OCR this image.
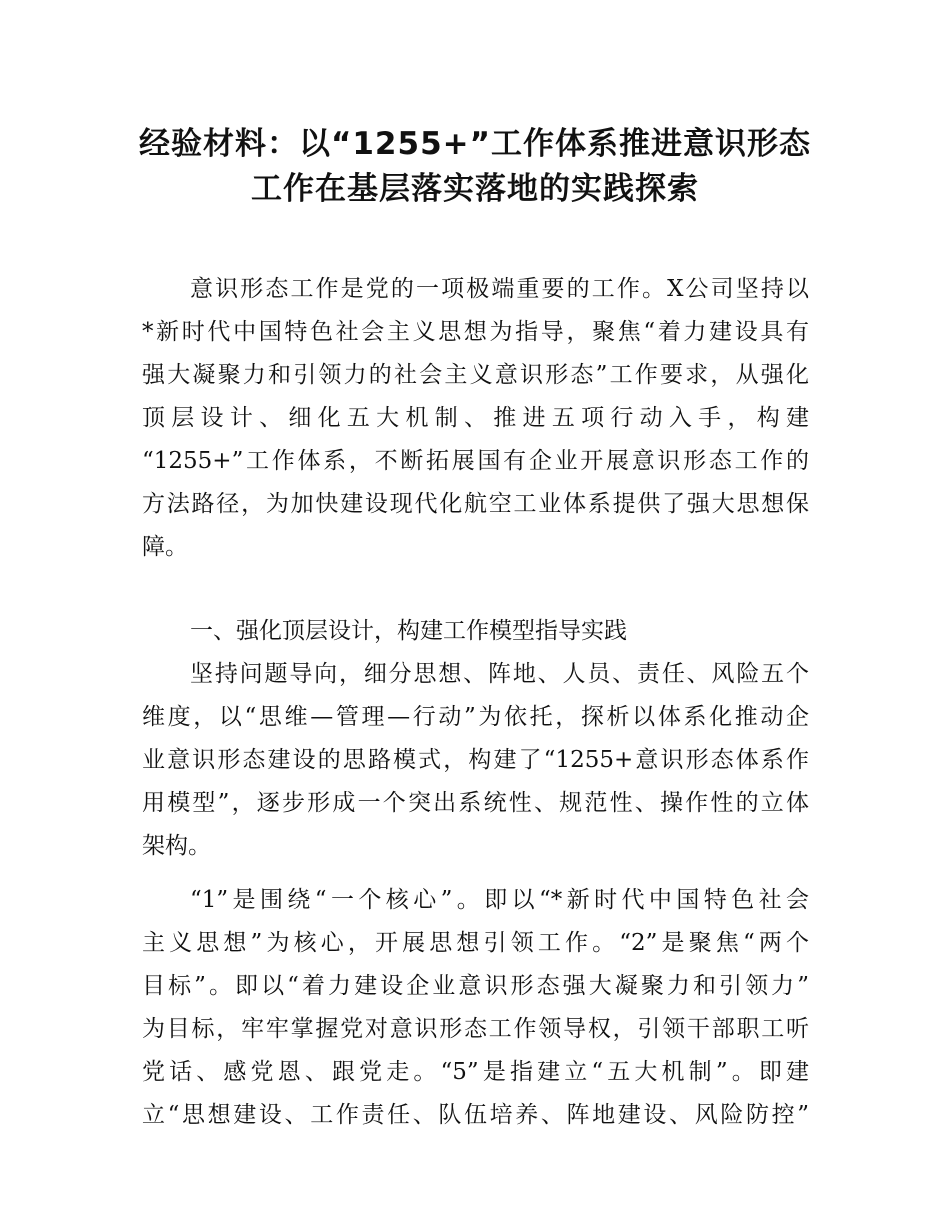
经验材料：以“1255+”工作体系推进意识形态
工作在基层落实落地的实践探索
意识形态工作是党的一项极端重要的工作。X公司坚持以
*新时代中国特色社会主义思想为指导，聚焦“着力建设具有
强大凝聚力和引领力的社会主义意识形态”工作要求，从强化
顶层设计、细化五大机制、推进五项行动入手，构建
“1255+”工作体系，不断拓展国有企业开展意识形态工作的
方法路径，为加快建设现代化航空工业体系提供了强大思想保
障。
一、强化顶层设计，构建工作模型指导实践
坚持问题导向，细分思想、阵地、人员、责任、风险五个
维度，以“思维—管理—行动”为依托，探析以体系化推动企
业意识形态建设的思路模式，构建了“1255+意识形态体系作
用模型”，逐步形成一个突出系统性、规范性、操作性的立体
架构。
“1”是围绕“一个核心”。即以“*新时代中国特色社会
主义思想”为核心，开展思想引领工作。“2”是聚焦“两个
目标”。即以“着力建设企业意识形态强大凝聚力和引领力”
为目标，牢牢掌握党对意识形态工作领导权，引领干部职工听
党话、感党恩、跟党走。“5”是指建立“五大机制”。即建
立“思想建设、工作责任、队伍培养、阵地建设、风险防控”
